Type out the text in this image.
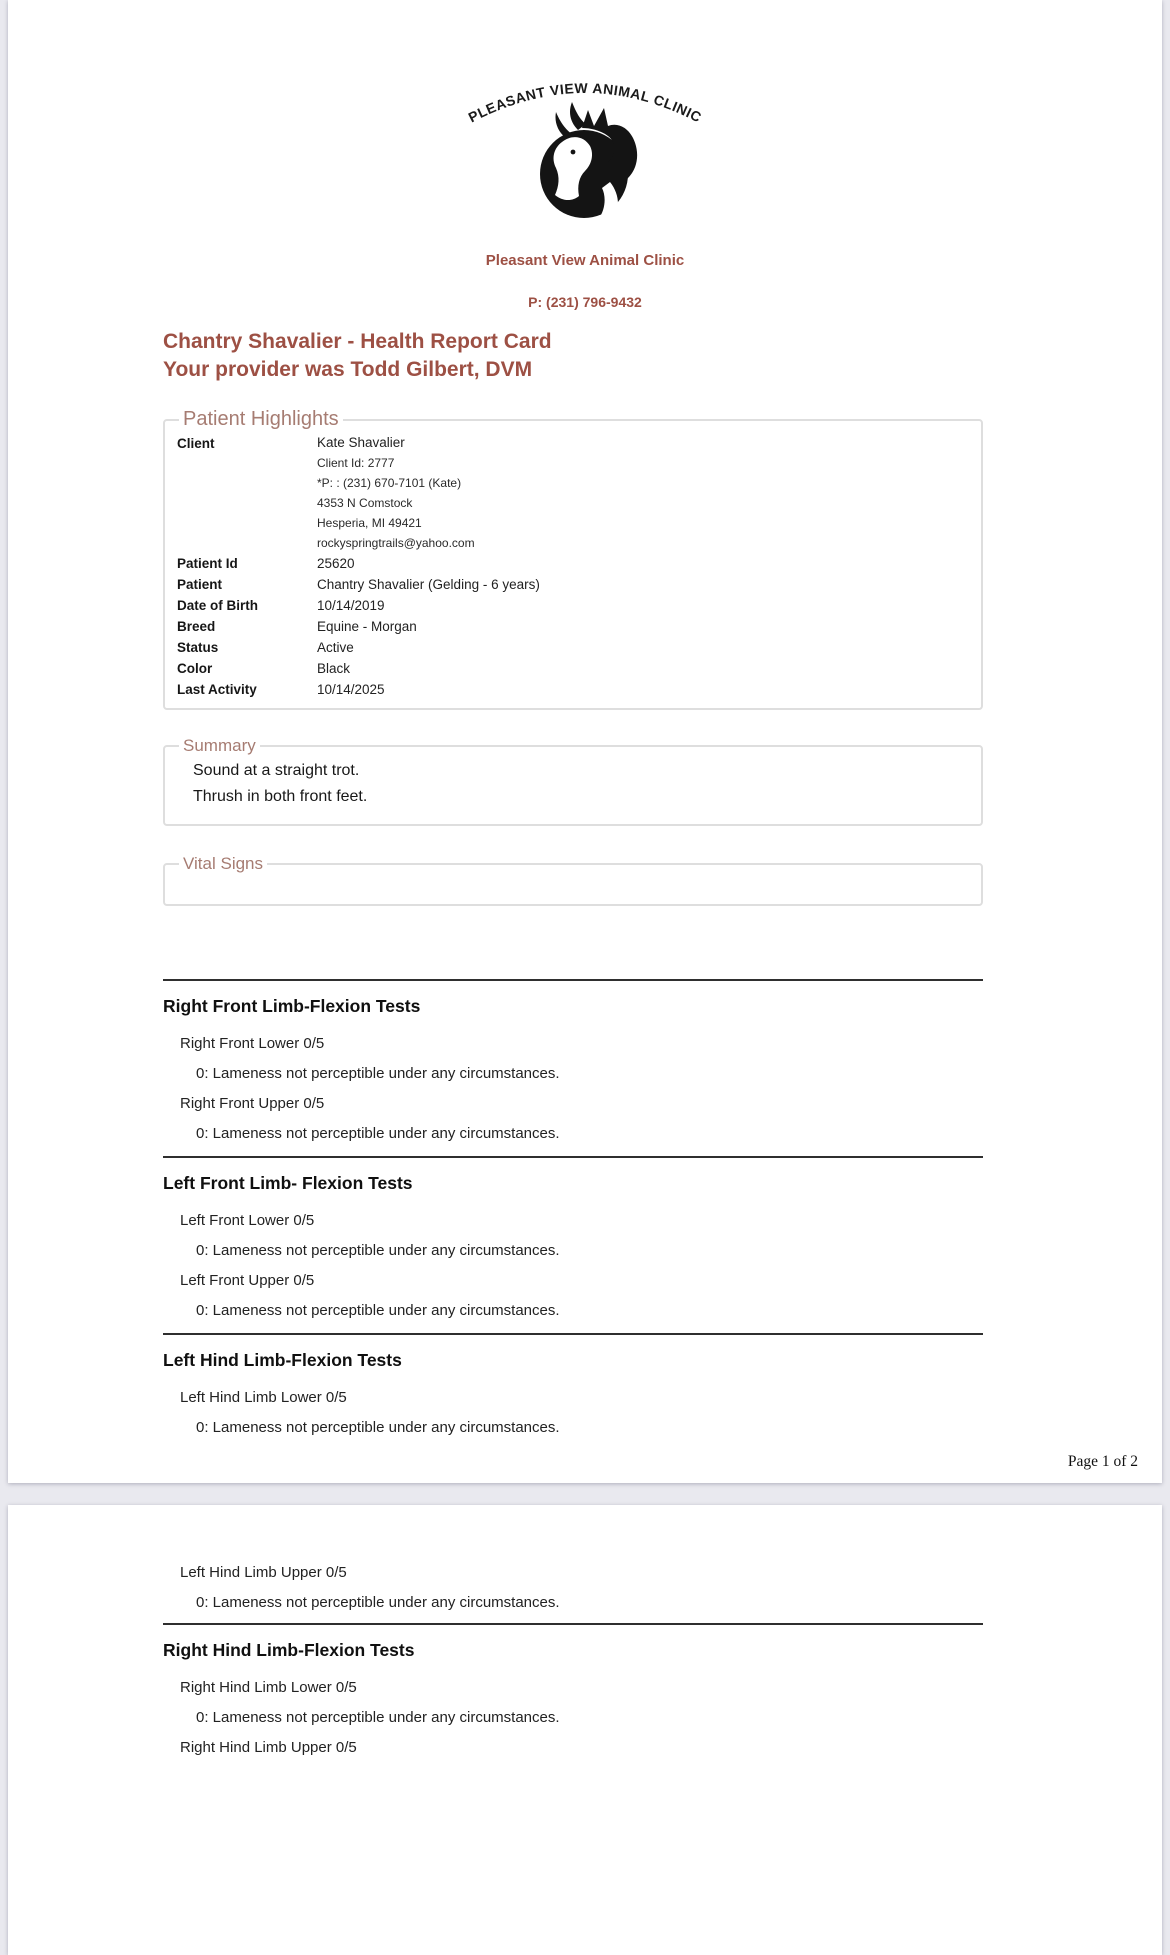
PLEASANT VIEW ANIMAL CLINIC
Pleasant View Animal Clinic
P: (231) 796-9432
Chantry Shavalier - Health Report Card
Your provider was Todd Gilbert, DVM
Patient Highlights
Client	Kate Shavalier
Client Id: 2777
*P: : (231) 670-7101 (Kate)
4353 N Comstock
Hesperia, MI 49421
rockyspringtrails@yahoo.com
Patient Id	25620
Patient	Chantry Shavalier (Gelding - 6 years)
Date of Birth	10/14/2019
Breed	Equine - Morgan
Status	Active
Color	Black
Last Activity	10/14/2025
Summary
Sound at a straight trot.
Thrush in both front feet.
Vital Signs
Right Front Limb-Flexion Tests
Right Front Lower 0/5
0: Lameness not perceptible under any circumstances.
Right Front Upper 0/5
0: Lameness not perceptible under any circumstances.
Left Front Limb- Flexion Tests
Left Front Lower 0/5
0: Lameness not perceptible under any circumstances.
Left Front Upper 0/5
0: Lameness not perceptible under any circumstances.
Left Hind Limb-Flexion Tests
Left Hind Limb Lower 0/5
0: Lameness not perceptible under any circumstances.
Page 1 of 2
Left Hind Limb Upper 0/5
0: Lameness not perceptible under any circumstances.
Right Hind Limb-Flexion Tests
Right Hind Limb Lower 0/5
0: Lameness not perceptible under any circumstances.
Right Hind Limb Upper 0/5
